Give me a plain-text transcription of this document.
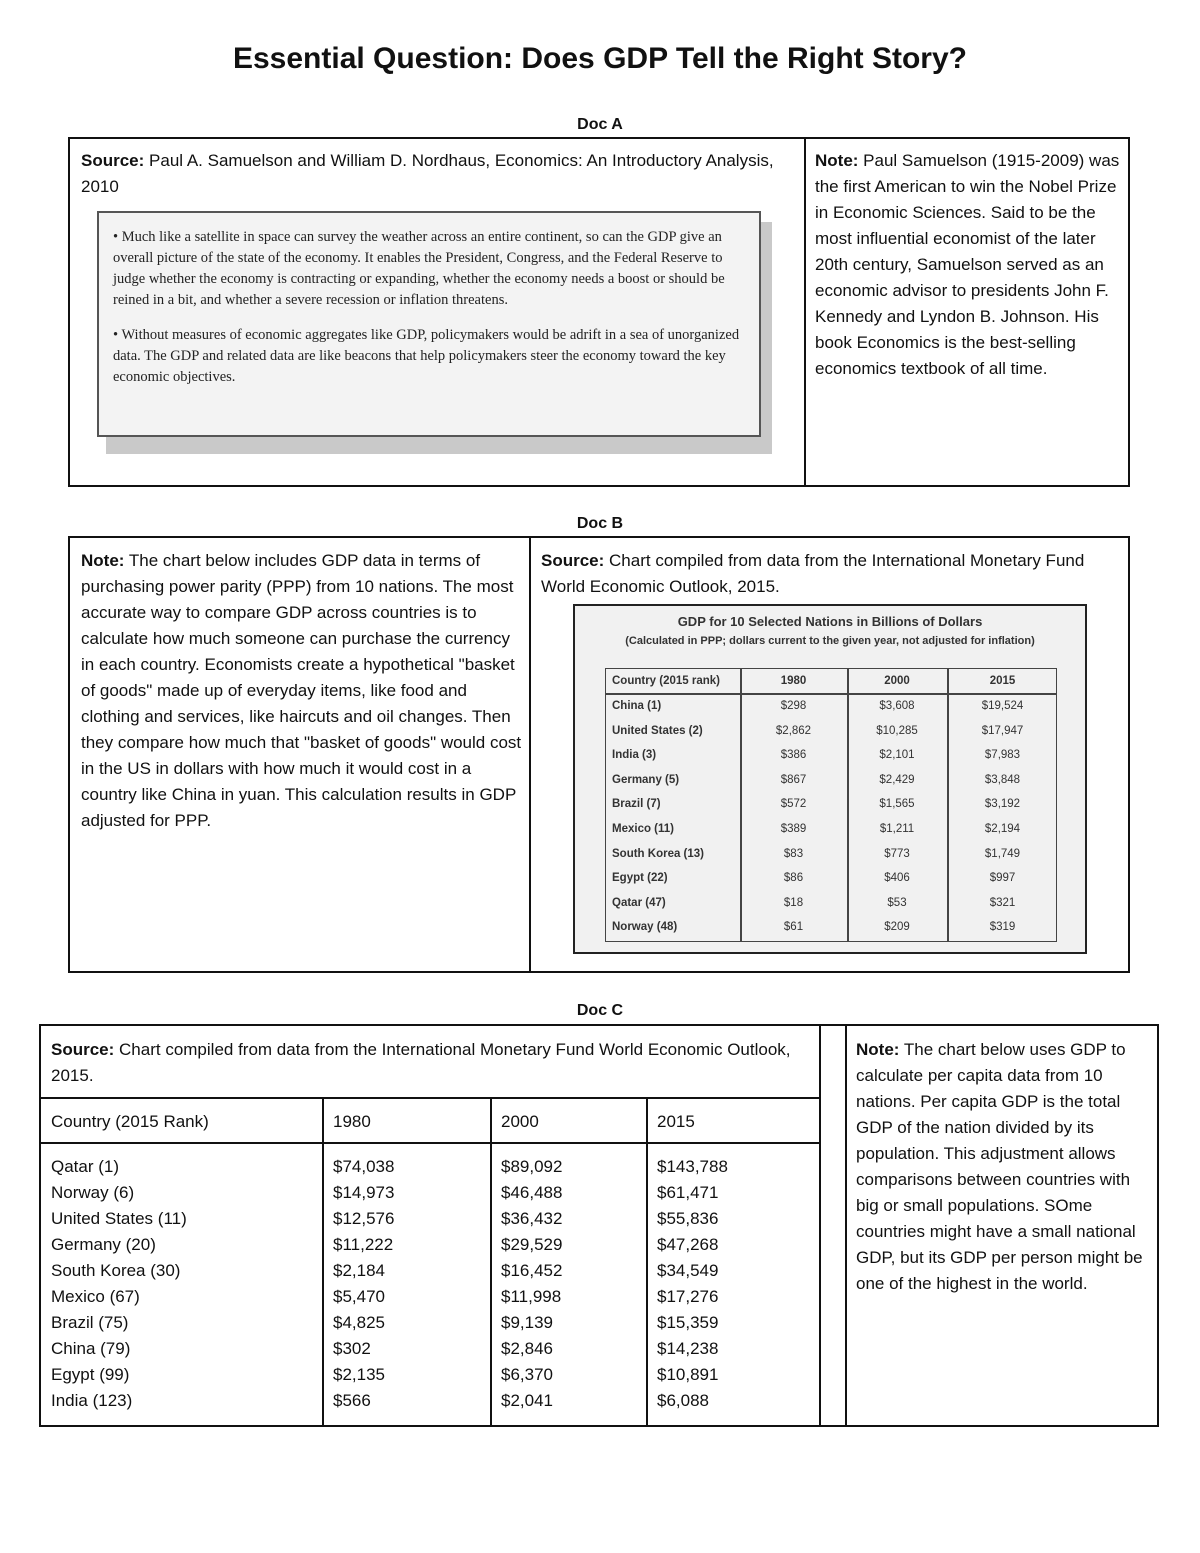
Essential Question: Does GDP Tell the Right Story?
Doc A
Source: Paul A. Samuelson and William D. Nordhaus, Economics: An Introductory Analysis, 2010

• Much like a satellite in space can survey the weather across an entire continent, so can the GDP give an overall picture of the state of the economy. It enables the President, Congress, and the Federal Reserve to judge whether the economy is contracting or expanding, whether the economy needs a boost or should be reined in a bit, and whether a severe recession or inflation threatens.

• Without measures of economic aggregates like GDP, policymakers would be adrift in a sea of unorganized data. The GDP and related data are like beacons that help policymakers steer the economy toward the key economic objectives.

Note: Paul Samuelson (1915-2009) was the first American to win the Nobel Prize in Economic Sciences. Said to be the most influential economist of the later 20th century, Samuelson served as an economic advisor to presidents John F. Kennedy and Lyndon B. Johnson. His book Economics is the best-selling economics textbook of all time.
Doc B
Note: The chart below includes GDP data in terms of purchasing power parity (PPP) from 10 nations. The most accurate way to compare GDP across countries is to calculate how much someone can purchase the currency in each country. Economists create a hypothetical "basket of goods" made up of everyday items, like food and clothing and services, like haircuts and oil changes. Then they compare how much that "basket of goods" would cost in the US in dollars with how much it would cost in a country like China in yuan. This calculation results in GDP adjusted for PPP.
Source: Chart compiled from data from the International Monetary Fund World Economic Outlook, 2015.
GDP for 10 Selected Nations in Billions of Dollars
(Calculated in PPP; dollars current to the given year, not adjusted for inflation)
Country (2015 rank)	1980	2000	2015
China (1)	$298	$3,608	$19,524
United States (2)	$2,862	$10,285	$17,947
India (3)	$386	$2,101	$7,983
Germany (5)	$867	$2,429	$3,848
Brazil (7)	$572	$1,565	$3,192
Mexico (11)	$389	$1,211	$2,194
South Korea (13)	$83	$773	$1,749
Egypt (22)	$86	$406	$997
Qatar (47)	$18	$53	$321
Norway (48)	$61	$209	$319
Doc C
Source: Chart compiled from data from the International Monetary Fund World Economic Outlook, 2015.
Country (2015 Rank)	1980	2000	2015
Qatar (1)	$74,038	$89,092	$143,788
Norway (6)	$14,973	$46,488	$61,471
United States (11)	$12,576	$36,432	$55,836
Germany (20)	$11,222	$29,529	$47,268
South Korea (30)	$2,184	$16,452	$34,549
Mexico (67)	$5,470	$11,998	$17,276
Brazil (75)	$4,825	$9,139	$15,359
China (79)	$302	$2,846	$14,238
Egypt (99)	$2,135	$6,370	$10,891
India (123)	$566	$2,041	$6,088
Note: The chart below uses GDP to calculate per capita data from 10 nations. Per capita GDP is the total GDP of the nation divided by its population. This adjustment allows comparisons between countries with big or small populations. SOme countries might have a small national GDP, but its GDP per person might be one of the highest in the world.
